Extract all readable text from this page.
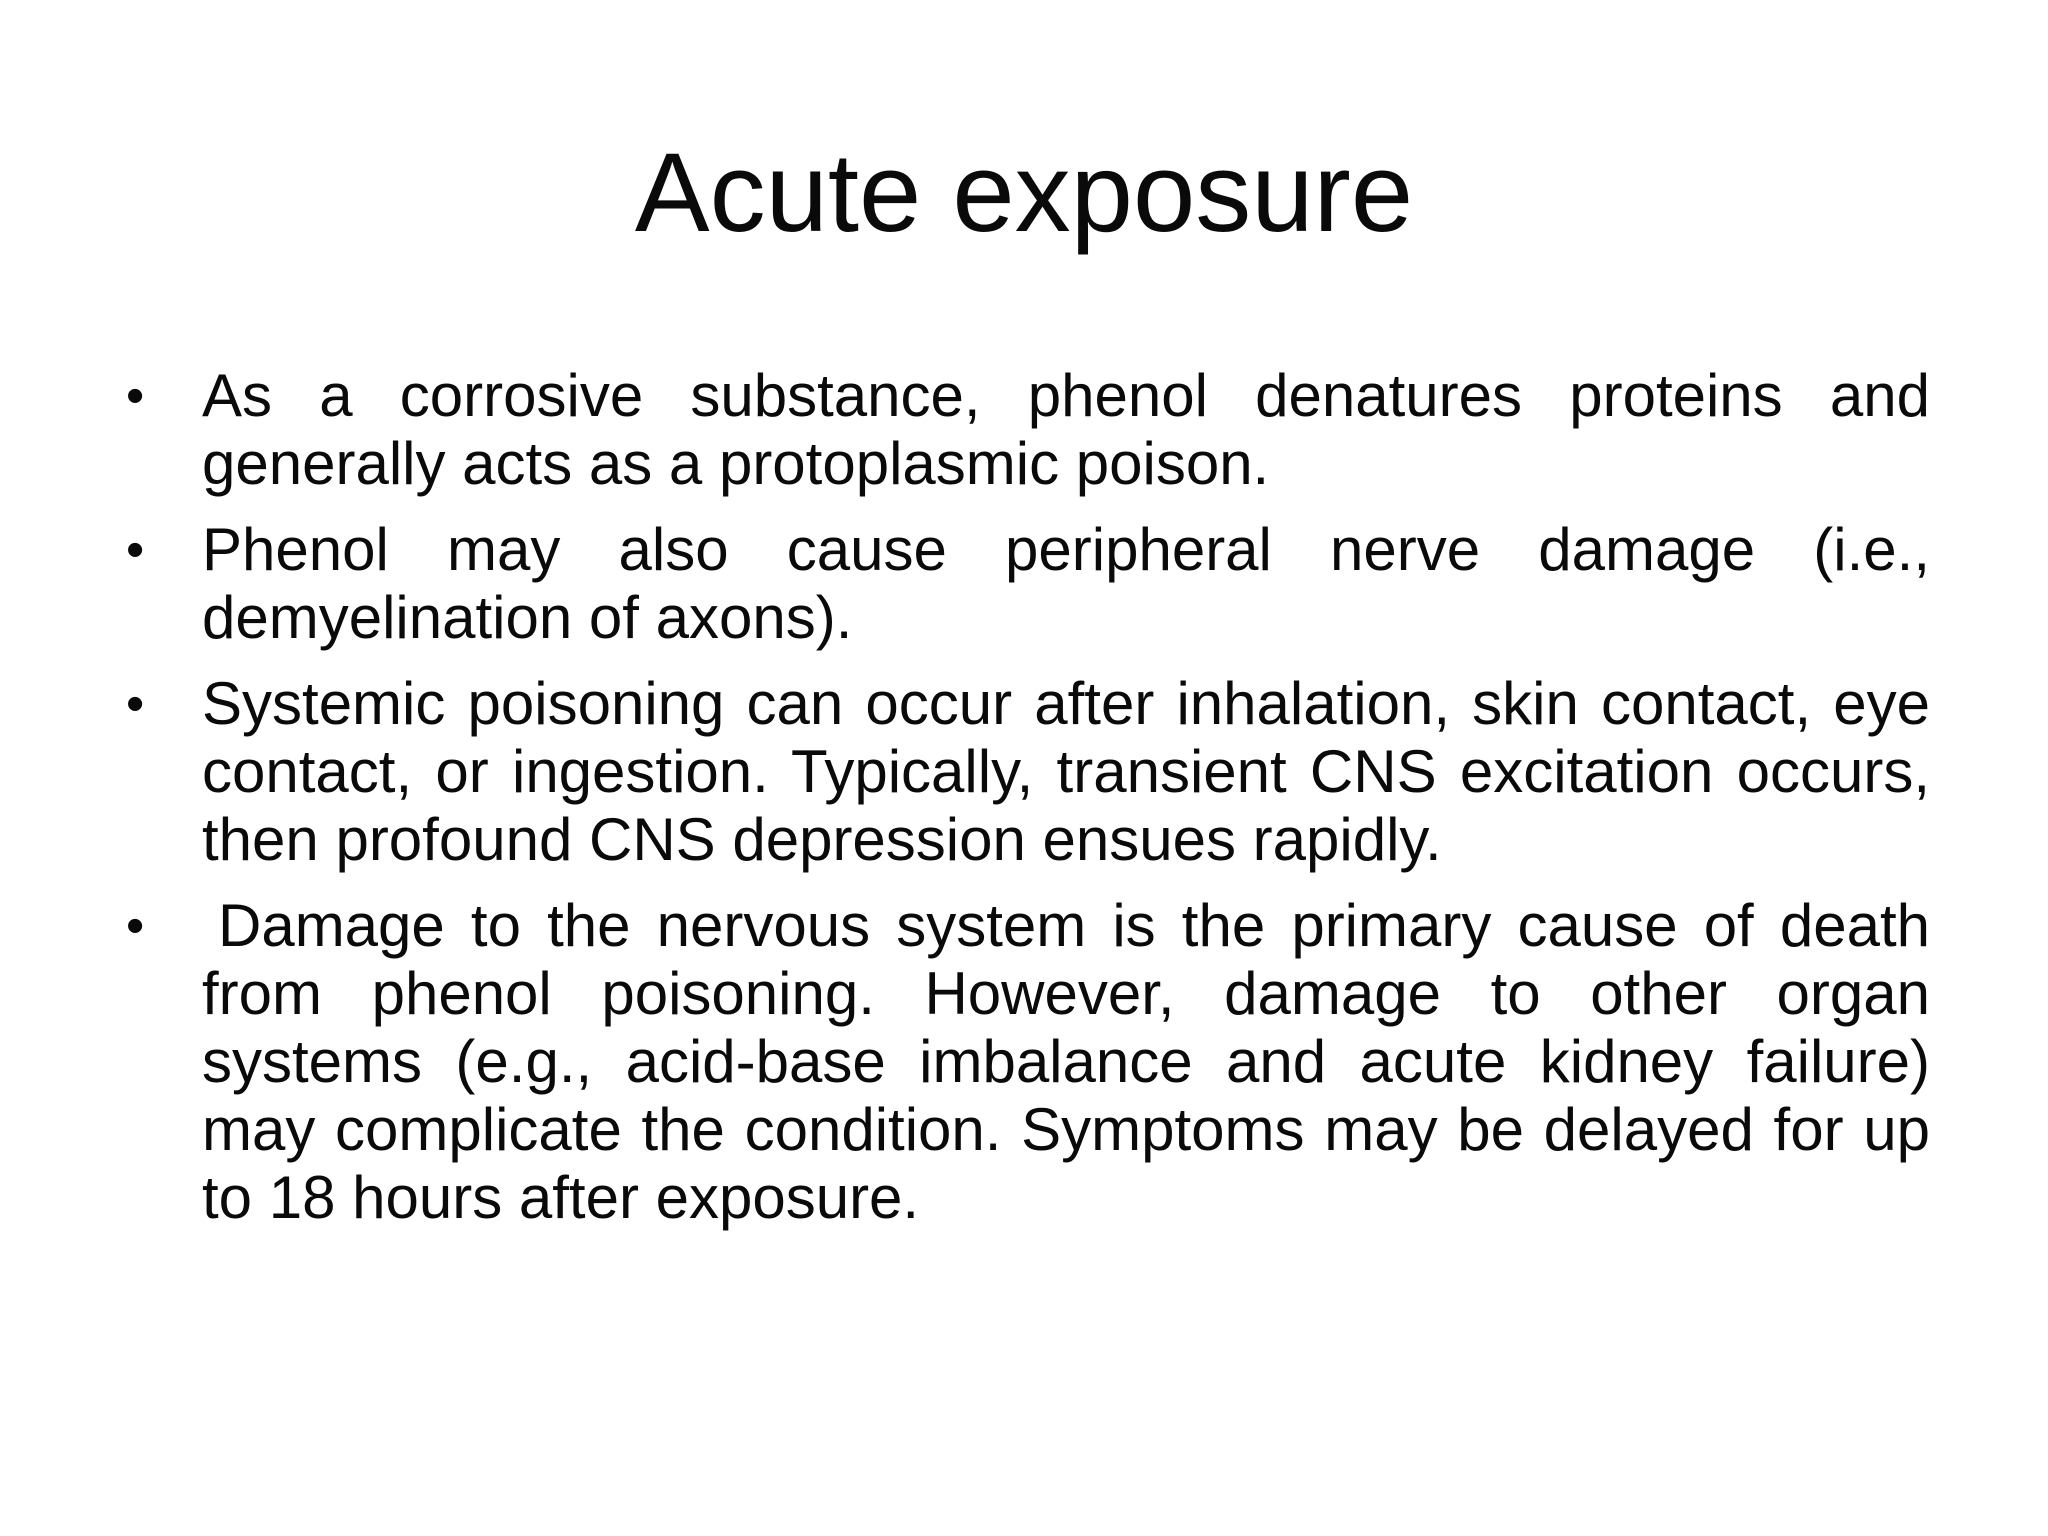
Acute exposure
• As a corrosive substance, phenol denatures proteins and generally acts as a protoplasmic poison.
• Phenol may also cause peripheral nerve damage (i.e., demyelination of axons).
• Systemic poisoning can occur after inhalation, skin contact, eye contact, or ingestion. Typically, transient CNS excitation occurs, then profound CNS depression ensues rapidly.
• Damage to the nervous system is the primary cause of death from phenol poisoning. However, damage to other organ systems (e.g., acid-base imbalance and acute kidney failure) may complicate the condition. Symptoms may be delayed for up to 18 hours after exposure.
